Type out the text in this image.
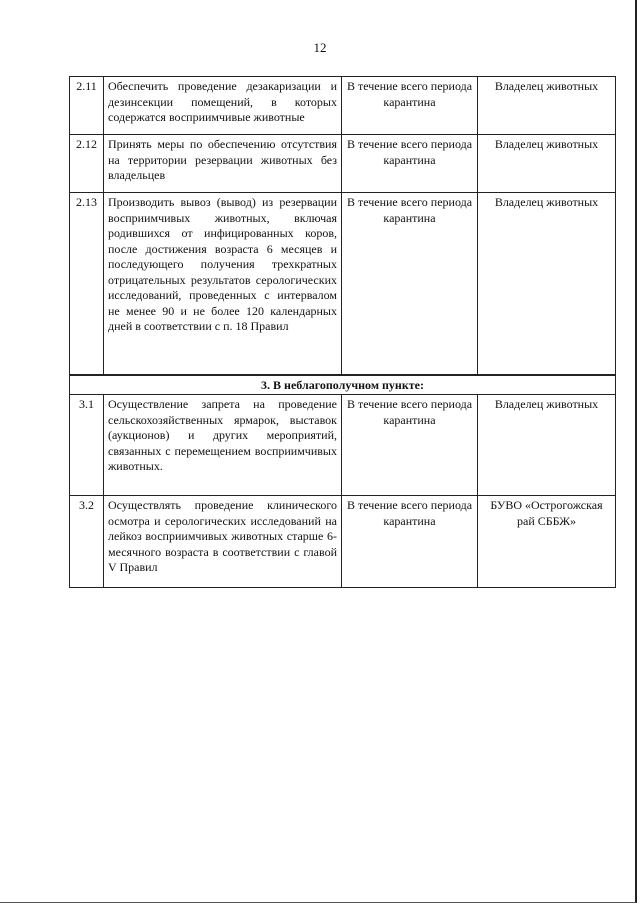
12
2.11	Обеспечить проведение дезакаризации и дезинсекции помещений, в которых содержатся восприимчивые животные	В течение всего периода карантина	Владелец животных
2.12	Принять меры по обеспечению отсутствия на территории резервации животных без владельцев	В течение всего периода карантина	Владелец животных
2.13	Производить вывоз (вывод) из резервации восприимчивых животных, включая родившихся от инфицированных коров, после достижения возраста 6 месяцев и последующего получения трехкратных отрицательных результатов серологических исследований, проведенных с интервалом не менее 90 и не более 120 календарных дней в соответствии с п. 18 Правил	В течение всего периода карантина	Владелец животных
3. В неблагополучном пункте:			
3.1	Осуществление запрета на проведение сельскохозяйственных ярмарок, выставок (аукционов) и других мероприятий, связанных с перемещением восприимчивых животных.	В течение всего периода карантина	Владелец животных
3.2	Осуществлять проведение клинического осмотра и серологических исследований на лейкоз восприимчивых животных старше 6-месячного возраста в соответствии с главой V Правил	В течение всего периода карантина	БУВО «Острогожская рай СББЖ»
